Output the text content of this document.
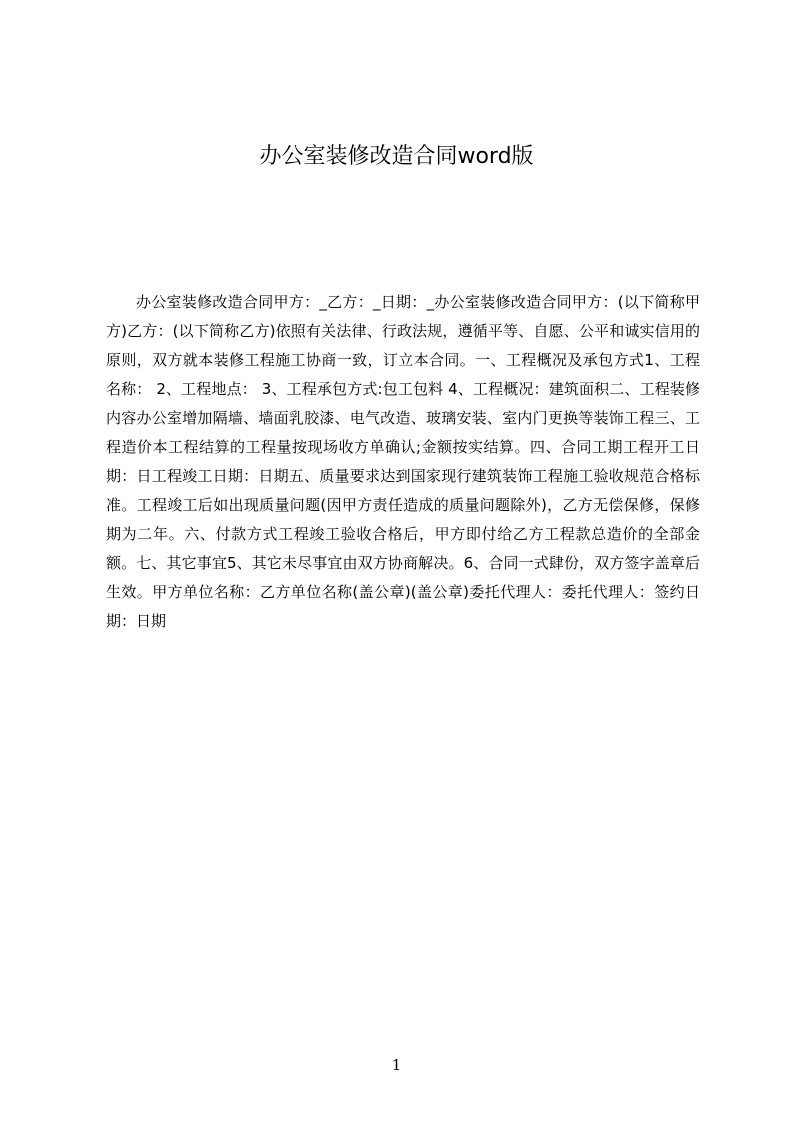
办公室装修改造合同word版
办公室装修改造合同甲方：_乙方：_日期：_办公室装修改造合同甲方：(以下简称甲方)乙方：(以下简称乙方)依照有关法律、行政法规，遵循平等、自愿、公平和诚实信用的原则，双方就本装修工程施工协商一致，订立本合同。一、工程概况及承包方式1、工程名称： 2、工程地点： 3、工程承包方式:包工包料 4、工程概况：建筑面积二、工程装修内容办公室增加隔墙、墙面乳胶漆、电气改造、玻璃安装、室内门更换等装饰工程三、工程造价本工程结算的工程量按现场收方单确认;金额按实结算。四、合同工期工程开工日期：日工程竣工日期：日期五、质量要求达到国家现行建筑装饰工程施工验收规范合格标准。工程竣工后如出现质量问题(因甲方责任造成的质量问题除外)，乙方无偿保修，保修期为二年。六、付款方式工程竣工验收合格后，甲方即付给乙方工程款总造价的全部金额。七、其它事宜5、其它未尽事宜由双方协商解决。6、合同一式肆份，双方签字盖章后生效。甲方单位名称：乙方单位名称(盖公章)(盖公章)委托代理人：委托代理人：签约日期：日期
1
